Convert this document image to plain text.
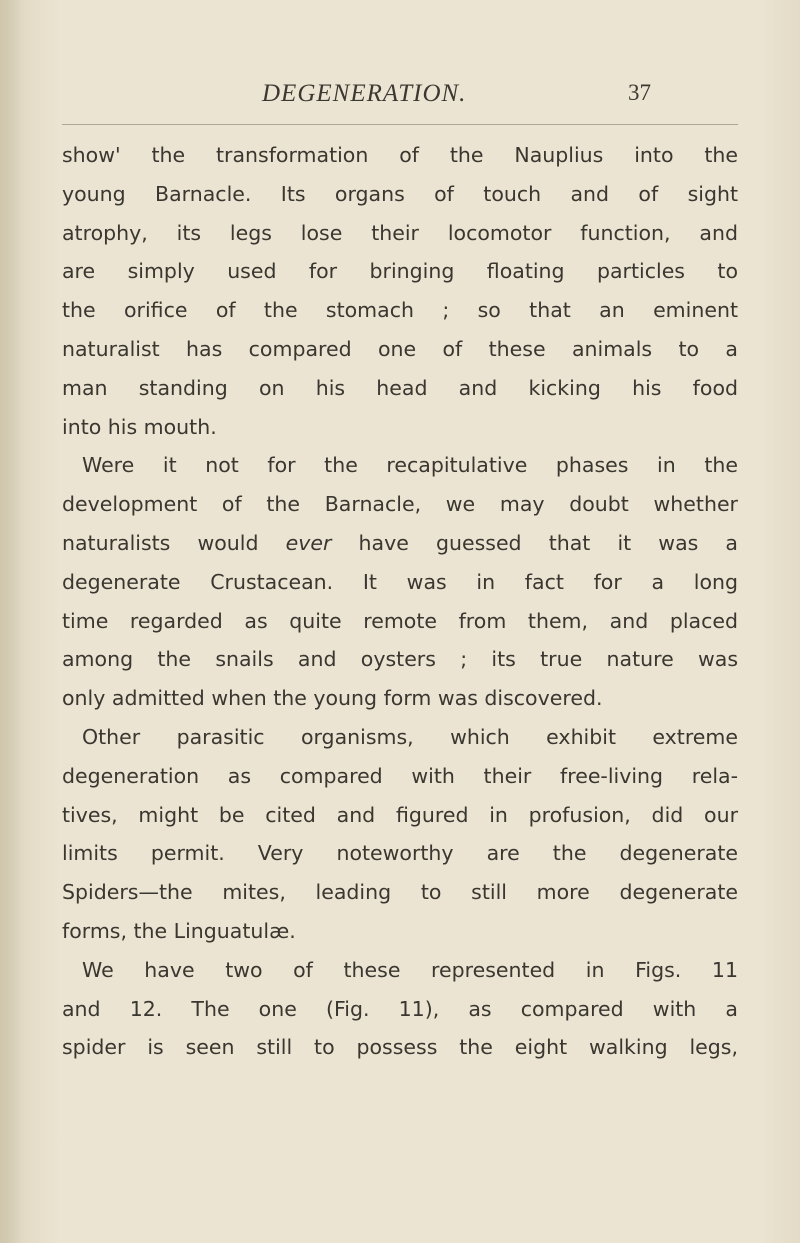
DEGENERATION.	37

show' the transformation of the Nauplius into the
young Barnacle. Its organs of touch and of sight
atrophy, its legs lose their locomotor function, and
are simply used for bringing floating particles to
the orifice of the stomach ; so that an eminent
naturalist has compared one of these animals to a
man standing on his head and kicking his food
into his mouth.

Were it not for the recapitulative phases in the
development of the Barnacle, we may doubt whether
naturalists would ever have guessed that it was a
degenerate Crustacean. It was in fact for a long
time regarded as quite remote from them, and placed
among the snails and oysters ; its true nature was
only admitted when the young form was discovered.

Other parasitic organisms, which exhibit extreme
degeneration as compared with their free-living rela-
tives, might be cited and figured in profusion, did our
limits permit. Very noteworthy are the degenerate
Spiders—the mites, leading to still more degenerate
forms, the Linguatulæ.

We have two of these represented in Figs. 11
and 12. The one (Fig. 11), as compared with a
spider is seen still to possess the eight walking legs,
